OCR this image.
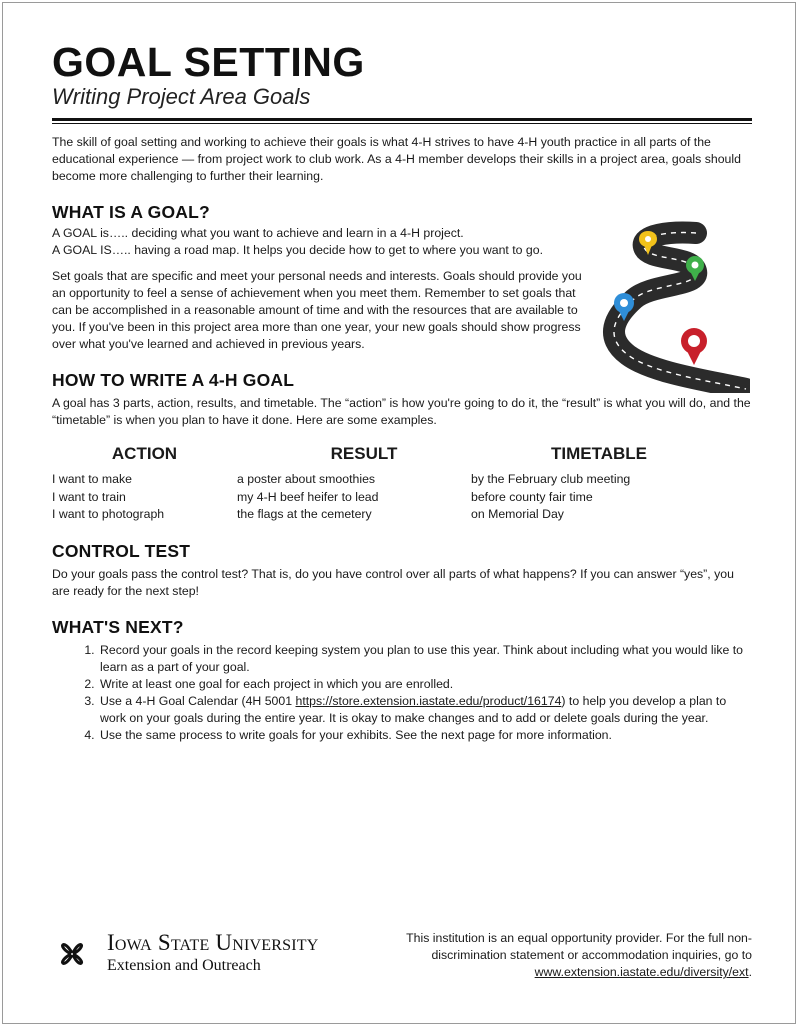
GOAL SETTING
Writing Project Area Goals

The skill of goal setting and working to achieve their goals is what 4-H strives to have 4-H youth practice in all parts of the educational experience — from project work to club work. As a 4-H member develops their skills in a project area, goals should become more challenging to further their learning.

WHAT IS A GOAL?

A GOAL is….. deciding what you want to achieve and learn in a 4-H project.

A GOAL IS….. having a road map. It helps you decide how to get to where you want to go.

Set goals that are specific and meet your personal needs and interests. Goals should provide you an opportunity to feel a sense of achievement when you meet them. Remember to set goals that can be accomplished in a reasonable amount of time and with the resources that are available to you. If you've been in this project area more than one year, your new goals should show progress over what you've learned and achieved in previous years.

HOW TO WRITE A 4-H GOAL

A goal has 3 parts, action, results, and timetable. The “action” is how you're going to do it, the “result” is what you will do, and the “timetable” is when you plan to have it done. Here are some examples.

ACTION
I want to make
I want to train
I want to photograph
RESULT
a poster about smoothies
my 4-H beef heifer to lead
the flags at the cemetery
TIMETABLE
by the February club meeting
before county fair time
on Memorial Day
CONTROL TEST

Do your goals pass the control test? That is, do you have control over all parts of what happens? If you can answer “yes”, you are ready for the next step!

WHAT'S NEXT?
1. Record your goals in the record keeping system you plan to use this year. Think about including what you would like to learn as a part of your goal.
2. Write at least one goal for each project in which you are enrolled.
3. Use a 4-H Goal Calendar (4H 5001 https://store.extension.iastate.edu/product/16174) to help you develop a plan to work on your goals during the entire year. It is okay to make changes and to add or delete goals during the year.
4. Use the same process to write goals for your exhibits. See the next page for more information.
Iowa State University
Extension and Outreach
This institution is an equal opportunity provider. For the full non-discrimination statement or accommodation inquiries, go to www.extension.iastate.edu/diversity/ext.
